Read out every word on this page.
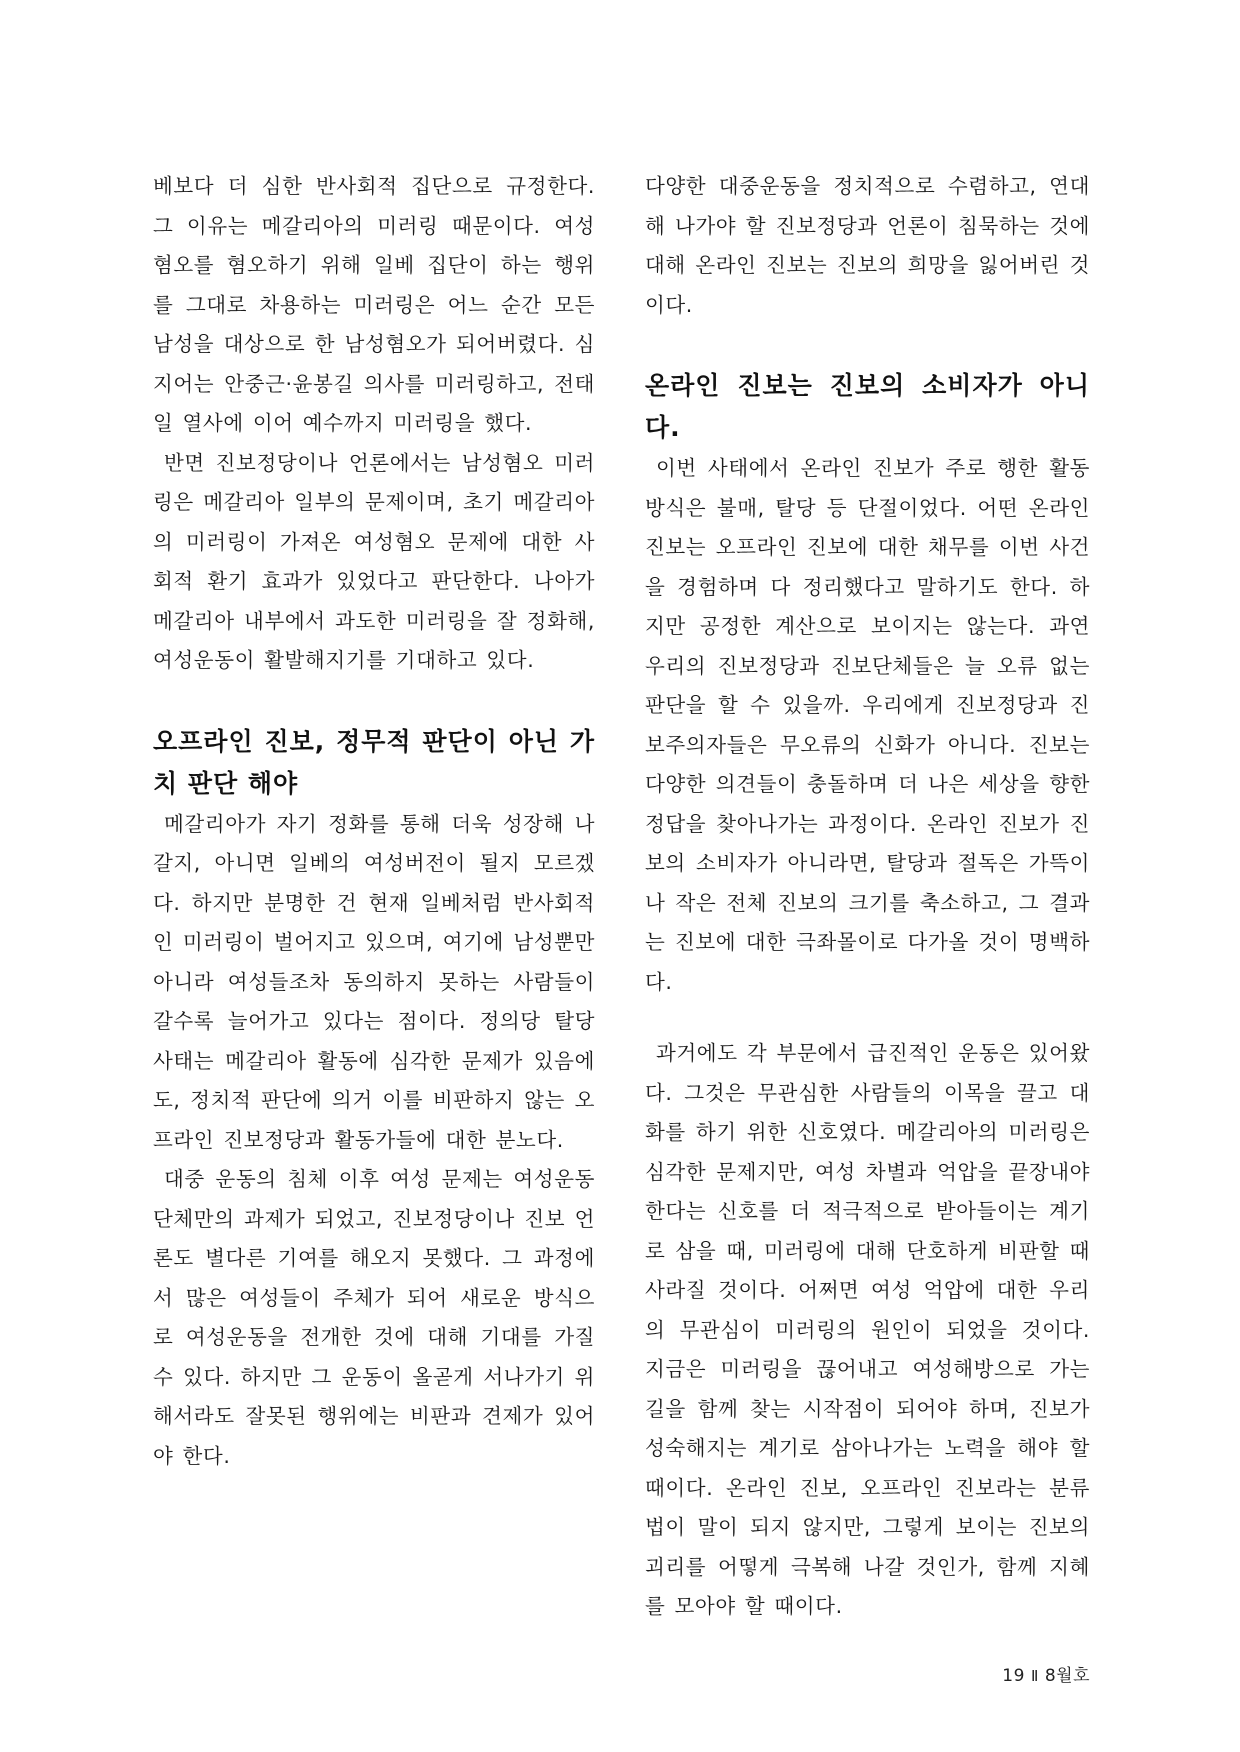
베보다 더 심한 반사회적 집단으로 규정한다. 그 이유는 메갈리아의 미러링 때문이다. 여성 혐오를 혐오하기 위해 일베 집단이 하는 행위를 그대로 차용하는 미러링은 어느 순간 모든 남성을 대상으로 한 남성혐오가 되어버렸다. 심지어는 안중근·윤봉길 의사를 미러링하고, 전태일 열사에 이어 예수까지 미러링을 했다.

반면 진보정당이나 언론에서는 남성혐오 미러링은 메갈리아 일부의 문제이며, 초기 메갈리아의 미러링이 가져온 여성혐오 문제에 대한 사회적 환기 효과가 있었다고 판단한다. 나아가 메갈리아 내부에서 과도한 미러링을 잘 정화해, 여성운동이 활발해지기를 기대하고 있다.

오프라인 진보, 정무적 판단이 아닌 가치 판단 해야

메갈리아가 자기 정화를 통해 더욱 성장해 나갈지, 아니면 일베의 여성버전이 될지 모르겠다. 하지만 분명한 건 현재 일베처럼 반사회적인 미러링이 벌어지고 있으며, 여기에 남성뿐만 아니라 여성들조차 동의하지 못하는 사람들이 갈수록 늘어가고 있다는 점이다. 정의당 탈당 사태는 메갈리아 활동에 심각한 문제가 있음에도, 정치적 판단에 의거 이를 비판하지 않는 오프라인 진보정당과 활동가들에 대한 분노다.

대중 운동의 침체 이후 여성 문제는 여성운동 단체만의 과제가 되었고, 진보정당이나 진보 언론도 별다른 기여를 해오지 못했다. 그 과정에서 많은 여성들이 주체가 되어 새로운 방식으로 여성운동을 전개한 것에 대해 기대를 가질 수 있다. 하지만 그 운동이 올곧게 서나가기 위해서라도 잘못된 행위에는 비판과 견제가 있어야 한다.

다양한 대중운동을 정치적으로 수렴하고, 연대해 나가야 할 진보정당과 언론이 침묵하는 것에 대해 온라인 진보는 진보의 희망을 잃어버린 것이다.

온라인 진보는 진보의 소비자가 아니다.

이번 사태에서 온라인 진보가 주로 행한 활동 방식은 불매, 탈당 등 단절이었다. 어떤 온라인 진보는 오프라인 진보에 대한 채무를 이번 사건을 경험하며 다 정리했다고 말하기도 한다. 하지만 공정한 계산으로 보이지는 않는다. 과연 우리의 진보정당과 진보단체들은 늘 오류 없는 판단을 할 수 있을까. 우리에게 진보정당과 진보주의자들은 무오류의 신화가 아니다. 진보는 다양한 의견들이 충돌하며 더 나은 세상을 향한 정답을 찾아나가는 과정이다. 온라인 진보가 진보의 소비자가 아니라면, 탈당과 절독은 가뜩이나 작은 전체 진보의 크기를 축소하고, 그 결과는 진보에 대한 극좌몰이로 다가올 것이 명백하다.

과거에도 각 부문에서 급진적인 운동은 있어왔다. 그것은 무관심한 사람들의 이목을 끌고 대화를 하기 위한 신호였다. 메갈리아의 미러링은 심각한 문제지만, 여성 차별과 억압을 끝장내야 한다는 신호를 더 적극적으로 받아들이는 계기로 삼을 때, 미러링에 대해 단호하게 비판할 때 사라질 것이다. 어쩌면 여성 억압에 대한 우리의 무관심이 미러링의 원인이 되었을 것이다. 지금은 미러링을 끊어내고 여성해방으로 가는 길을 함께 찾는 시작점이 되어야 하며, 진보가 성숙해지는 계기로 삼아나가는 노력을 해야 할 때이다. 온라인 진보, 오프라인 진보라는 분류법이 말이 되지 않지만, 그렇게 보이는 진보의 괴리를 어떻게 극복해 나갈 것인가, 함께 지혜를 모아야 할 때이다.

19 Ⅱ 8월호
